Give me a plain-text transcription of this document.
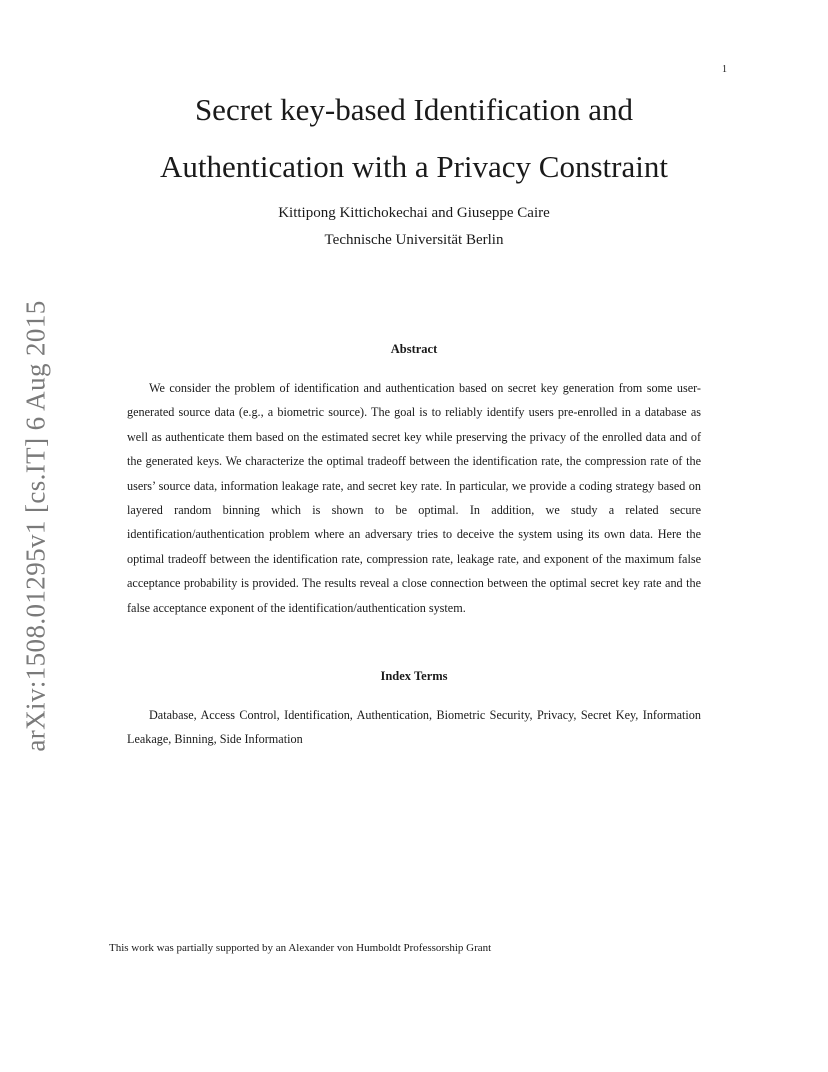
1
arXiv:1508.01295v1 [cs.IT] 6 Aug 2015
Secret key-based Identification and
Authentication with a Privacy Constraint
Kittipong Kittichokechai and Giuseppe Caire
Technische Universität Berlin
Abstract

We consider the problem of identification and authentication based on secret key generation from some user-generated source data (e.g., a biometric source). The goal is to reliably identify users pre-enrolled in a database as well as authenticate them based on the estimated secret key while preserving the privacy of the enrolled data and of the generated keys. We characterize the optimal tradeoff between the identification rate, the compression rate of the users’ source data, information leakage rate, and secret key rate. In particular, we provide a coding strategy based on layered random binning which is shown to be optimal. In addition, we study a related secure identification/authentication problem where an adversary tries to deceive the system using its own data. Here the optimal tradeoff between the identification rate, compression rate, leakage rate, and exponent of the maximum false acceptance probability is provided. The results reveal a close connection between the optimal secret key rate and the false acceptance exponent of the identification/authentication system.

Index Terms

Database, Access Control, Identification, Authentication, Biometric Security, Privacy, Secret Key, Information Leakage, Binning, Side Information

This work was partially supported by an Alexander von Humboldt Professorship Grant
